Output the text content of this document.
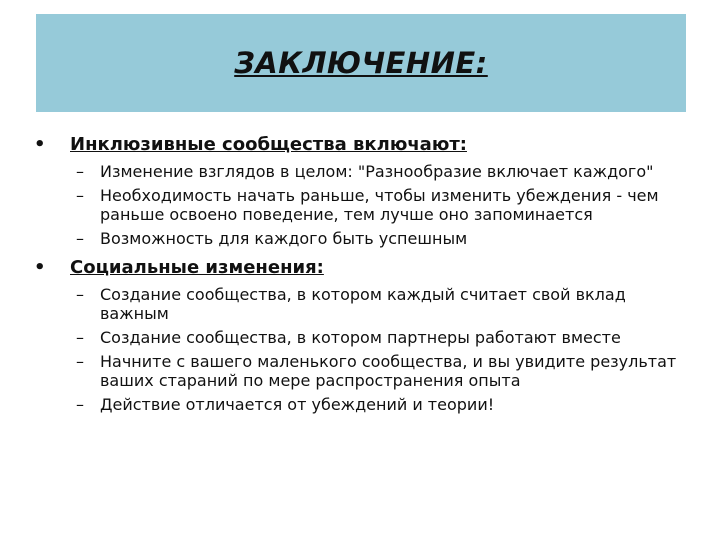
ЗАКЛЮЧЕНИЕ:
•	Инклюзивные сообщества включают:
–	Изменение взглядов в целом: "Разнообразие включает каждого"
–	Необходимость начать раньше, чтобы изменить убеждения - чем раньше освоено поведение, тем лучше оно запоминается
–	Возможность для каждого быть успешным
•	Социальные изменения:
–	Создание сообщества, в котором каждый считает свой вклад важным
–	Создание сообщества, в котором партнеры работают вместе
–	Начните с вашего маленького сообщества, и вы увидите результат ваших стараний по мере распространения опыта
–	Действие отличается от убеждений и теории!
